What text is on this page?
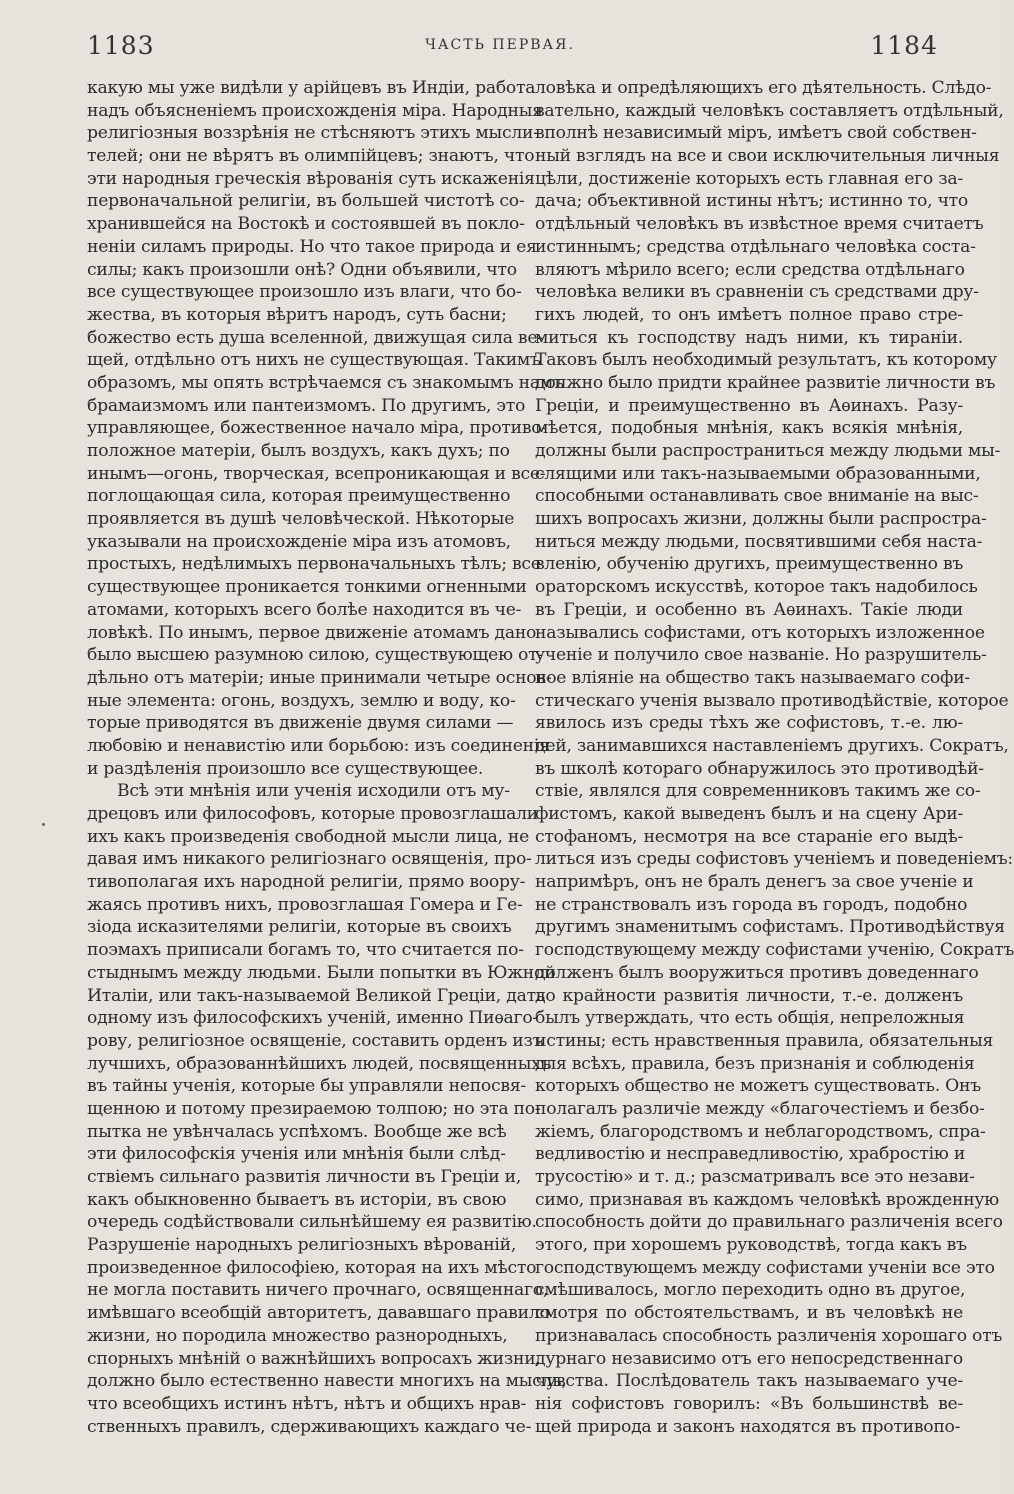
1183	ЧАСТЬ ПЕРВАЯ.	1184
какую мы уже видѣли у арійцевъ въ Индіи, работа
надъ объясненіемъ происхожденія міра. Народныя
религіозныя воззрѣнія не стѣсняютъ этихъ мысли-
телей; они не вѣрятъ въ олимпійцевъ; знаютъ, что
эти народныя греческія вѣрованія суть искаженія
первоначальной религіи, въ большей чистотѣ со-
хранившейся на Востокѣ и состоявшей въ покло-
неніи силамъ природы. Но что такое природа и ея
силы; какъ произошли онѣ? Одни объявили, что
все существующее произошло изъ влаги, что бо-
жества, въ которыя вѣритъ народъ, суть басни;
божество есть душа вселенной, движущая сила ве-
щей, отдѣльно отъ нихъ не существующая. Такимъ
образомъ, мы опять встрѣчаемся съ знакомымъ намъ
брамаизмомъ или пантеизмомъ. По другимъ, это
управляющее, божественное начало міра, противо-
положное матеріи, былъ воздухъ, какъ духъ; по
инымъ—огонь, творческая, всепроникающая и все-
поглощающая сила, которая преимущественно
проявляется въ душѣ человѣческой. Нѣкоторые
указывали на происхожденіе міра изъ атомовъ,
простыхъ, недѣлимыхъ первоначальныхъ тѣлъ; все
существующее проникается тонкими огненными
атомами, которыхъ всего болѣе находится въ че-
ловѣкѣ. По инымъ, первое движеніе атомамъ дано
было высшею разумною силою, существующею от-
дѣльно отъ матеріи; иные принимали четыре основ-
ные элемента: огонь, воздухъ, землю и воду, ко-
торые приводятся въ движеніе двумя силами —
любовію и ненавистію или борьбою: изъ соединенія
и раздѣленія произошло все существующее.
Всѣ эти мнѣнія или ученія исходили отъ му-
дрецовъ или философовъ, которые провозглашали
ихъ какъ произведенія свободной мысли лица, не
давая имъ никакого религіознаго освященія, про-
тивополагая ихъ народной религіи, прямо воору-
жаясь противъ нихъ, провозглашая Гомера и Ге-
зіода исказителями религіи, которые въ своихъ
поэмахъ приписали богамъ то, что считается по-
стыднымъ между людьми. Были попытки въ Южной
Италіи, или такъ-называемой Великой Греціи, дать
одному изъ философскихъ ученій, именно Пиѳаго-
рову, религіозное освященіе, составить орденъ изъ
лучшихъ, образованнѣйшихъ людей, посвященныхъ
въ тайны ученія, которые бы управляли непосвя-
щенною и потому презираемою толпою; но эта по-
пытка не увѣнчалась успѣхомъ. Вообще же всѣ
эти философскія ученія или мнѣнія были слѣд-
ствіемъ сильнаго развитія личности въ Греціи и,
какъ обыкновенно бываетъ въ исторіи, въ свою
очередь содѣйствовали сильнѣйшему ея развитію.
Разрушеніе народныхъ религіозныхъ вѣрованій,
произведенное философіею, которая на ихъ мѣсто
не могла поставить ничего прочнаго, освященнаго,
имѣвшаго всеобщій авторитетъ, дававшаго правило
жизни, но породила множество разнородныхъ,
спорныхъ мнѣній о важнѣйшихъ вопросахъ жизни,
должно было естественно навести многихъ на мысль,
что всеобщихъ истинъ нѣтъ, нѣтъ и общихъ нрав-
ственныхъ правилъ, сдерживающихъ каждаго че-
ловѣка и опредѣляющихъ его дѣятельность. Слѣдо-
вательно, каждый человѣкъ составляетъ отдѣльный,
вполнѣ независимый міръ, имѣетъ свой собствен-
ный взглядъ на все и свои исключительныя личныя
цѣли, достиженіе которыхъ есть главная его за-
дача; объективной истины нѣтъ; истинно то, что
отдѣльный человѣкъ въ извѣстное время считаетъ
истиннымъ; средства отдѣльнаго человѣка соста-
вляютъ мѣрило всего; если средства отдѣльнаго
человѣка велики въ сравненіи съ средствами дру-
гихъ людей, то онъ имѣетъ полное право стре-
миться къ господству надъ ними, къ тираніи.
Таковъ былъ необходимый результатъ, къ которому
должно было придти крайнее развитіе личности въ
Греціи, и преимущественно въ Аѳинахъ. Разу-
мѣется, подобныя мнѣнія, какъ всякія мнѣнія,
должны были распространиться между людьми мы-
слящими или такъ-называемыми образованными,
способными останавливать свое вниманіе на выс-
шихъ вопросахъ жизни, должны были распростра-
ниться между людьми, посвятившими себя наста-
вленію, обученію другихъ, преимущественно въ
ораторскомъ искусствѣ, которое такъ надобилось
въ Греціи, и особенно въ Аѳинахъ. Такіе люди
назывались софистами, отъ которыхъ изложенное
ученіе и получило свое названіе. Но разрушитель-
ное вліяніе на общество такъ называемаго софи-
стическаго ученія вызвало противодѣйствіе, которое
явилось изъ среды тѣхъ же софистовъ, т.-е. лю-
дей, занимавшихся наставленіемъ другихъ. Сократъ,
въ школѣ котораго обнаружилось это противодѣй-
ствіе, являлся для современниковъ такимъ же со-
фистомъ, какой выведенъ былъ и на сцену Ари-
стофаномъ, несмотря на все стараніе его выдѣ-
литься изъ среды софистовъ ученіемъ и поведеніемъ:
напримѣръ, онъ не бралъ денегъ за свое ученіе и
не странствовалъ изъ города въ городъ, подобно
другимъ знаменитымъ софистамъ. Противодѣйствуя
господствующему между софистами ученію, Сократъ
долженъ былъ вооружиться противъ доведеннаго
до крайности развитія личности, т.-е. долженъ
былъ утверждать, что есть общія, непреложныя
истины; есть нравственныя правила, обязательныя
для всѣхъ, правила, безъ признанія и соблюденія
которыхъ общество не можетъ существовать. Онъ
полагалъ различіе между «благочестіемъ и безбо-
жіемъ, благородствомъ и неблагородствомъ, спра-
ведливостію и несправедливостію, храбростію и
трусостію» и т. д.; разсматривалъ все это незави-
симо, признавая въ каждомъ человѣкѣ врожденную
способность дойти до правильнаго различенія всего
этого, при хорошемъ руководствѣ, тогда какъ въ
господствующемъ между софистами ученіи все это
смѣшивалось, могло переходить одно въ другое,
смотря по обстоятельствамъ, и въ человѣкѣ не
признавалась способность различенія хорошаго отъ
дурнаго независимо отъ его непосредственнаго
чувства. Послѣдователь такъ называемаго уче-
нія софистовъ говорилъ: «Въ большинствѣ ве-
щей природа и законъ находятся въ противопо-
